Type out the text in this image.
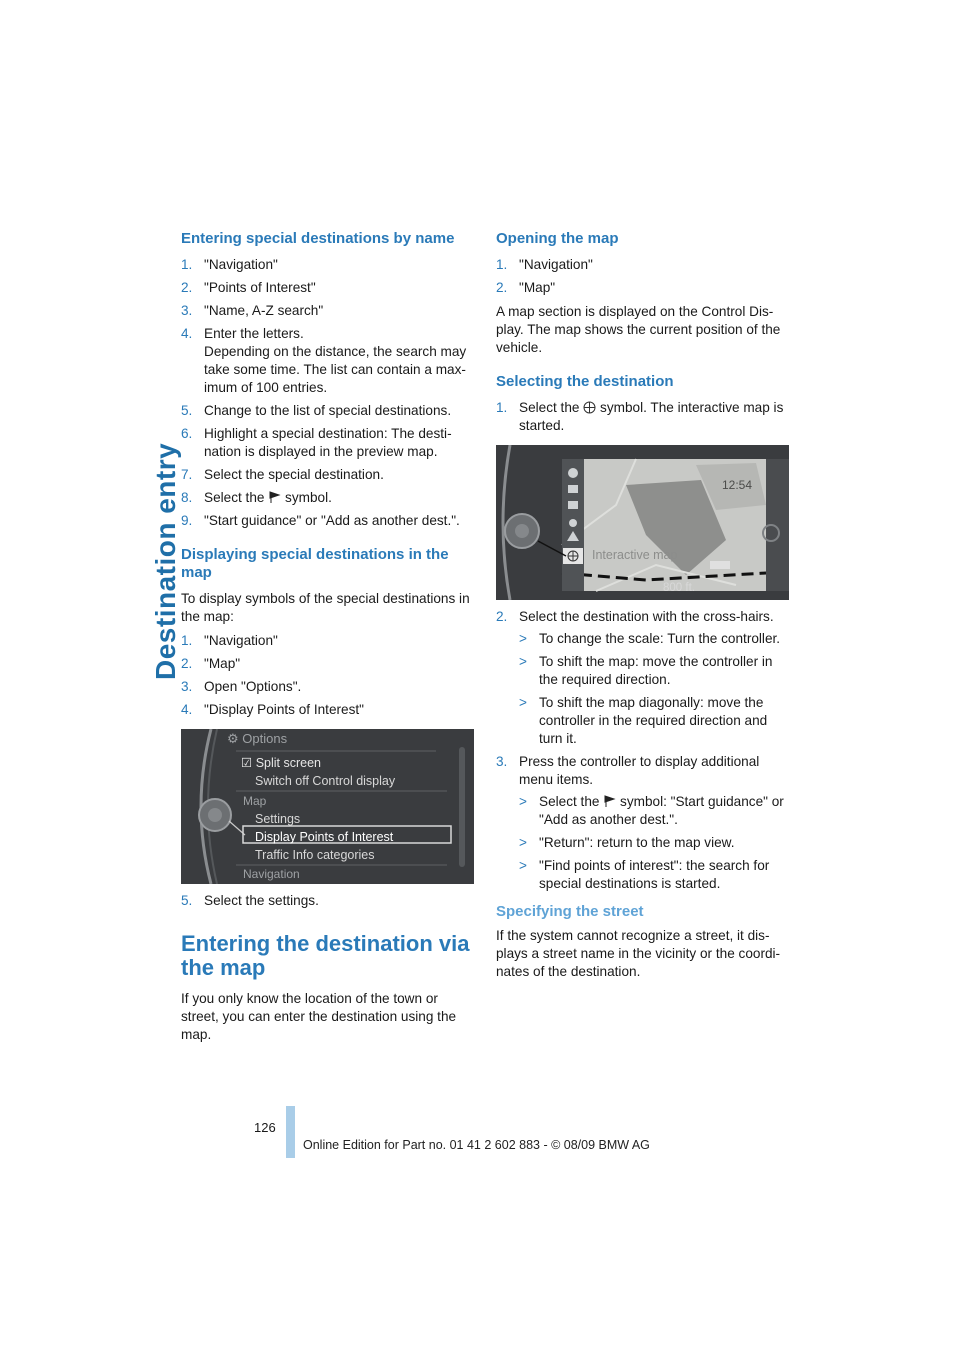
Destination entry
Entering special destinations by name
1. "Navigation"
2. "Points of Interest"
3. "Name, A-Z search"
4. Enter the letters.
Depending on the distance, the search may take some time. The list can contain a max-imum of 100 entries.
5. Change to the list of special destinations.
6. Highlight a special destination: The desti-nation is displayed in the preview map.
7. Select the special destination.
8. Select the symbol.
9. "Start guidance" or "Add as another dest.".
Displaying special destinations in the map

To display symbols of the special destinations in the map:

1. "Navigation"
2. "Map"
3. Open "Options".
4. "Display Points of Interest"
⚙ Options
☑ Split screen
Switch off Control display
Map
Settings
Display Points of Interest
Traffic Info categories
Navigation
5. Select the settings.
Entering the destination via the map

If you only know the location of the town or street, you can enter the destination using the map.

Opening the map
1. "Navigation"
2. "Map"

A map section is displayed on the Control Dis-play. The map shows the current position of the vehicle.

Selecting the destination
1. Select the symbol. The interactive map is started.
Interactive map
12:54
800 ft.
2. Select the destination with the cross-hairs.
> To change the scale: Turn the controller.
> To shift the map: move the controller in the required direction.
> To shift the map diagonally: move the controller in the required direction and turn it.
3. Press the controller to display additional menu items.
> Select the symbol: "Start guidance" or "Add as another dest.".
> "Return": return to the map view.
> "Find points of interest": the search for special destinations is started.
Specifying the street

If the system cannot recognize a street, it dis-plays a street name in the vicinity or the coordi-nates of the destination.

126
Online Edition for Part no. 01 41 2 602 883 - © 08/09 BMW AG
